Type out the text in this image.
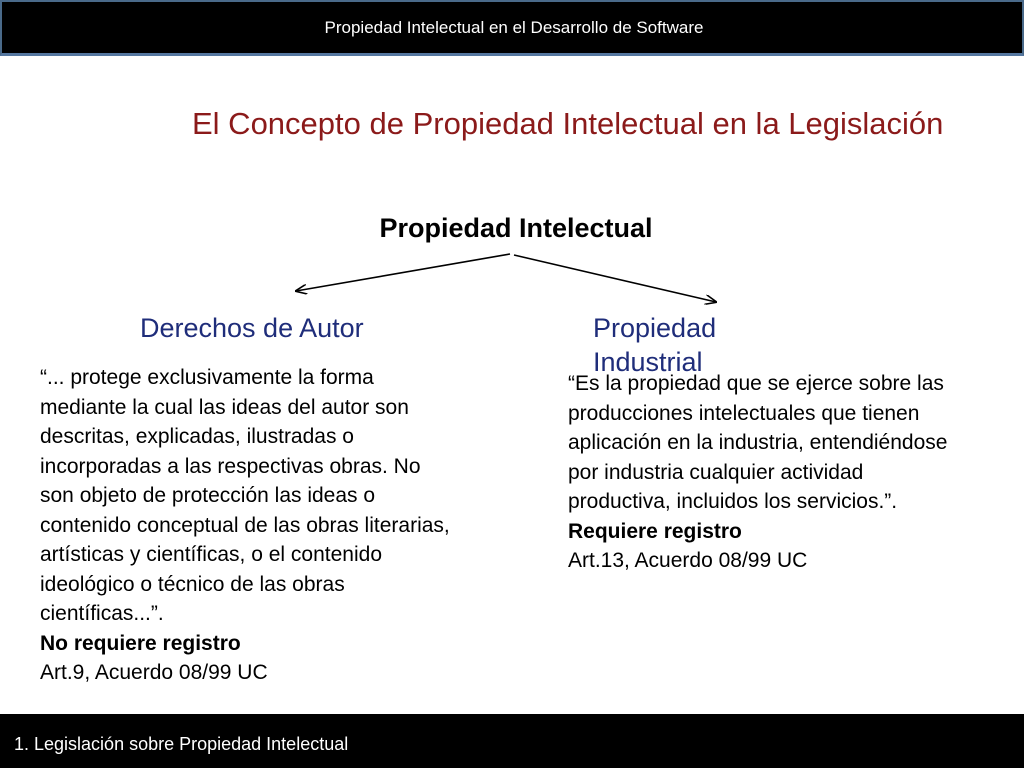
Propiedad Intelectual en el Desarrollo de Software
El Concepto de Propiedad Intelectual en la Legislación
Propiedad Intelectual
Derechos de Autor

“... protege exclusivamente la forma mediante la cual las ideas del autor son descritas, explicadas, ilustradas o incorporadas a las respectivas obras. No son objeto de protección las ideas o contenido conceptual de las obras literarias, artísticas y científicas, o el contenido ideológico o técnico de las obras científicas...”.
No requiere registro
Art.9, Acuerdo 08/99 UC

Propiedad Industrial

“Es la propiedad que se ejerce sobre las producciones intelectuales que tienen aplicación en la industria, entendiéndose por industria cualquier actividad productiva, incluidos los servicios.”. Requiere registro
Art.13, Acuerdo 08/99 UC

1. Legislación sobre Propiedad Intelectual
